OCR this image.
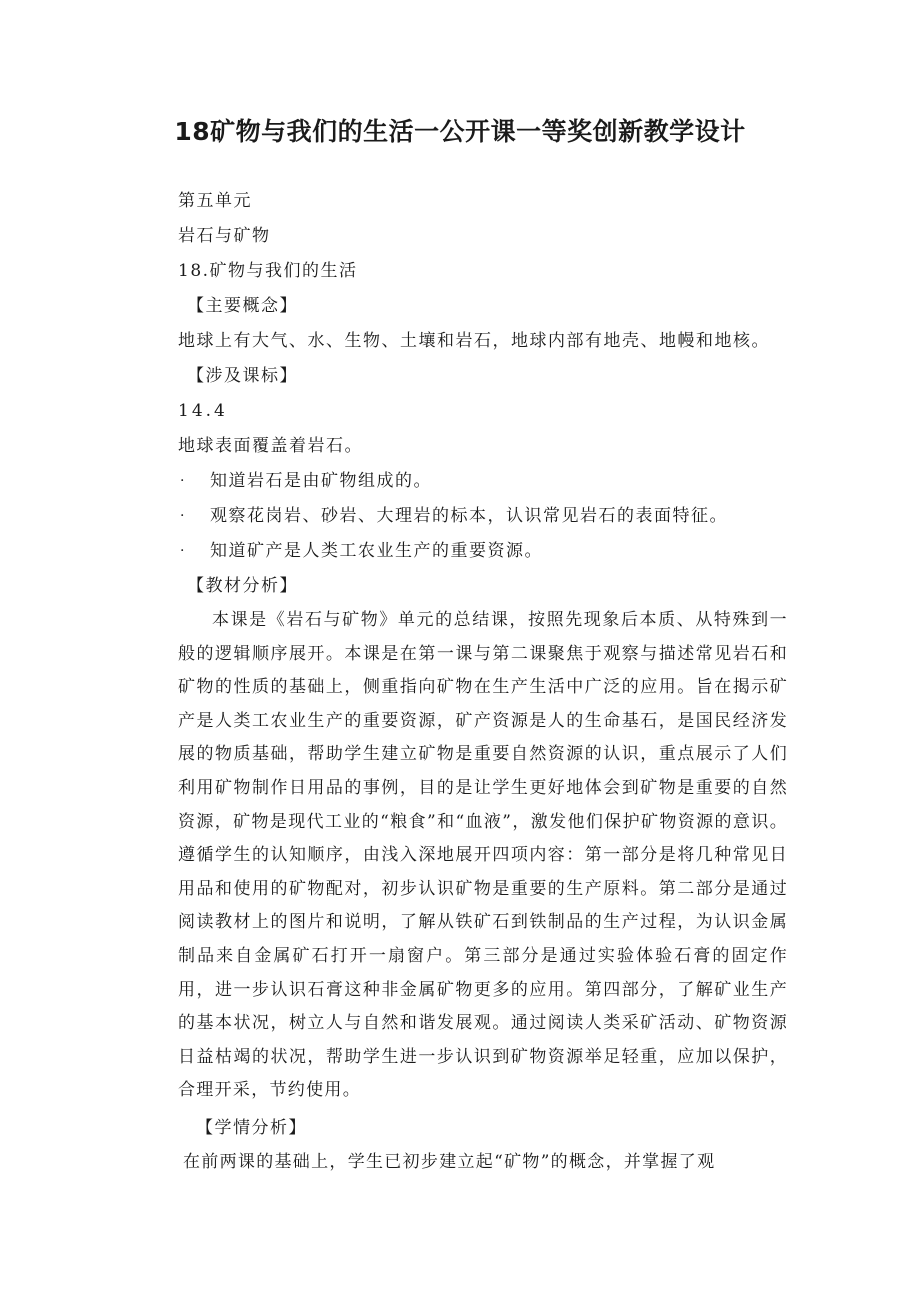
18矿物与我们的生活一公开课一等奖创新教学设计

第五单元

岩石与矿物

18.矿物与我们的生活

【主要概念】

地球上有大气、水、生物、土壤和岩石，地球内部有地壳、地幔和地核。

【涉及课标】

14.4

地球表面覆盖着岩石。

· 知道岩石是由矿物组成的。
· 观察花岗岩、砂岩、大理岩的标本，认识常见岩石的表面特征。
· 知道矿产是人类工农业生产的重要资源。

【教材分析】

本课是《岩石与矿物》单元的总结课，按照先现象后本质、从特殊到一般的逻辑顺序展开。本课是在第一课与第二课聚焦于观察与描述常见岩石和矿物的性质的基础上，侧重指向矿物在生产生活中广泛的应用。旨在揭示矿产是人类工农业生产的重要资源，矿产资源是人的生命基石，是国民经济发展的物质基础，帮助学生建立矿物是重要自然资源的认识，重点展示了人们利用矿物制作日用品的事例，目的是让学生更好地体会到矿物是重要的自然资源，矿物是现代工业的“粮食”和“血液”，激发他们保护矿物资源的意识。遵循学生的认知顺序，由浅入深地展开四项内容：第一部分是将几种常见日用品和使用的矿物配对，初步认识矿物是重要的生产原料。第二部分是通过阅读教材上的图片和说明，了解从铁矿石到铁制品的生产过程，为认识金属制品来自金属矿石打开一扇窗户。第三部分是通过实验体验石膏的固定作用，进一步认识石膏这种非金属矿物更多的应用。第四部分，了解矿业生产的基本状况，树立人与自然和谐发展观。通过阅读人类采矿活动、矿物资源日益枯竭的状况，帮助学生进一步认识到矿物资源举足轻重，应加以保护，合理开采，节约使用。

【学情分析】

在前两课的基础上，学生已初步建立起“矿物”的概念，并掌握了观
